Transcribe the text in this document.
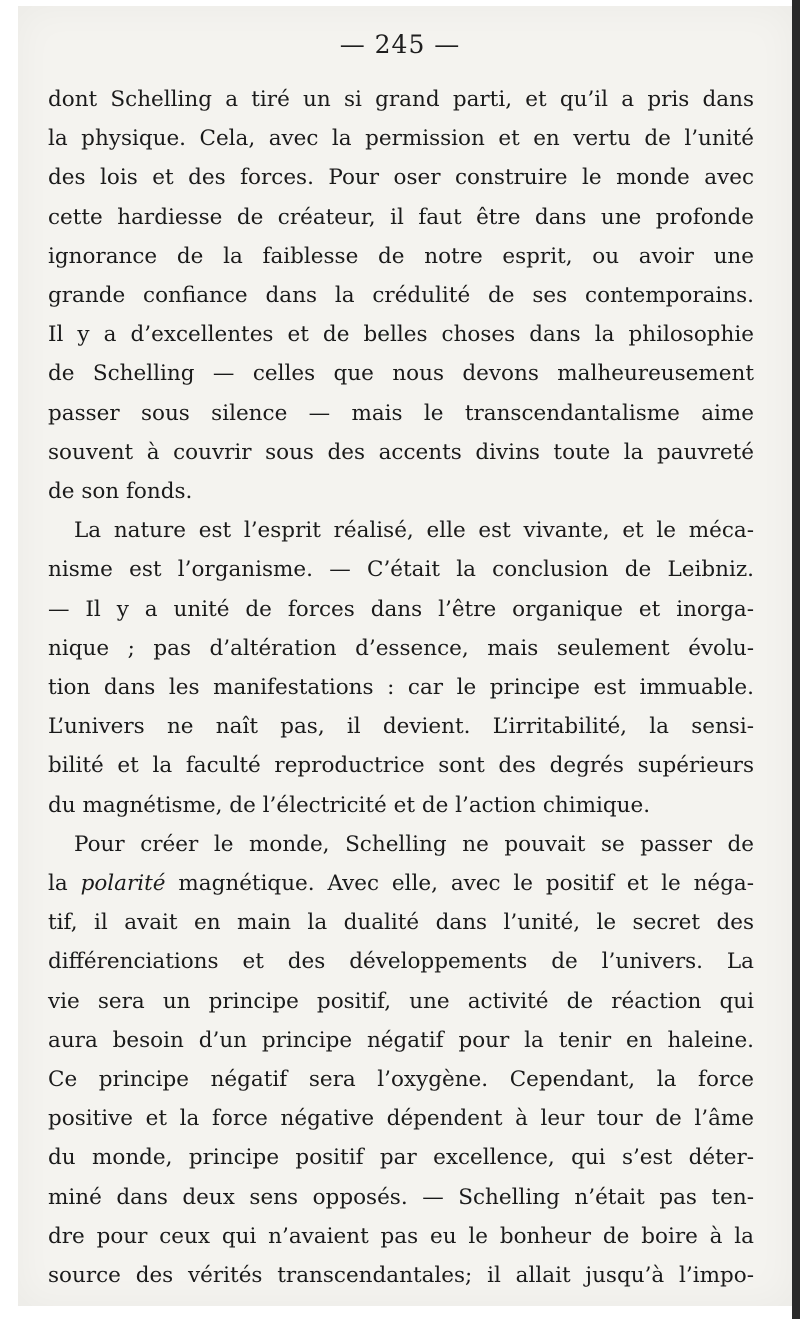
— 245 —
dont Schelling a tiré un si grand parti, et qu’il a pris dans
la physique. Cela, avec la permission et en vertu de l’unité
des lois et des forces. Pour oser construire le monde avec
cette hardiesse de créateur, il faut être dans une profonde
ignorance de la faiblesse de notre esprit, ou avoir une
grande confiance dans la crédulité de ses contemporains.
Il y a d’excellentes et de belles choses dans la philosophie
de Schelling — celles que nous devons malheureusement
passer sous silence — mais le transcendantalisme aime
souvent à couvrir sous des accents divins toute la pauvreté
de son fonds.
La nature est l’esprit réalisé, elle est vivante, et le méca-
nisme est l’organisme. — C’était la conclusion de Leibniz.
— Il y a unité de forces dans l’être organique et inorga-
nique ; pas d’altération d’essence, mais seulement évolu-
tion dans les manifestations : car le principe est immuable.
L’univers ne naît pas, il devient. L’irritabilité, la sensi-
bilité et la faculté reproductrice sont des degrés supérieurs
du magnétisme, de l’électricité et de l’action chimique.
Pour créer le monde, Schelling ne pouvait se passer de
la polarité magnétique. Avec elle, avec le positif et le néga-
tif, il avait en main la dualité dans l’unité, le secret des
différenciations et des développements de l’univers. La
vie sera un principe positif, une activité de réaction qui
aura besoin d’un principe négatif pour la tenir en haleine.
Ce principe négatif sera l’oxygène. Cependant, la force
positive et la force négative dépendent à leur tour de l’âme
du monde, principe positif par excellence, qui s’est déter-
miné dans deux sens opposés. — Schelling n’était pas ten-
dre pour ceux qui n’avaient pas eu le bonheur de boire à la
source des vérités transcendantales; il allait jusqu’à l’impo-
